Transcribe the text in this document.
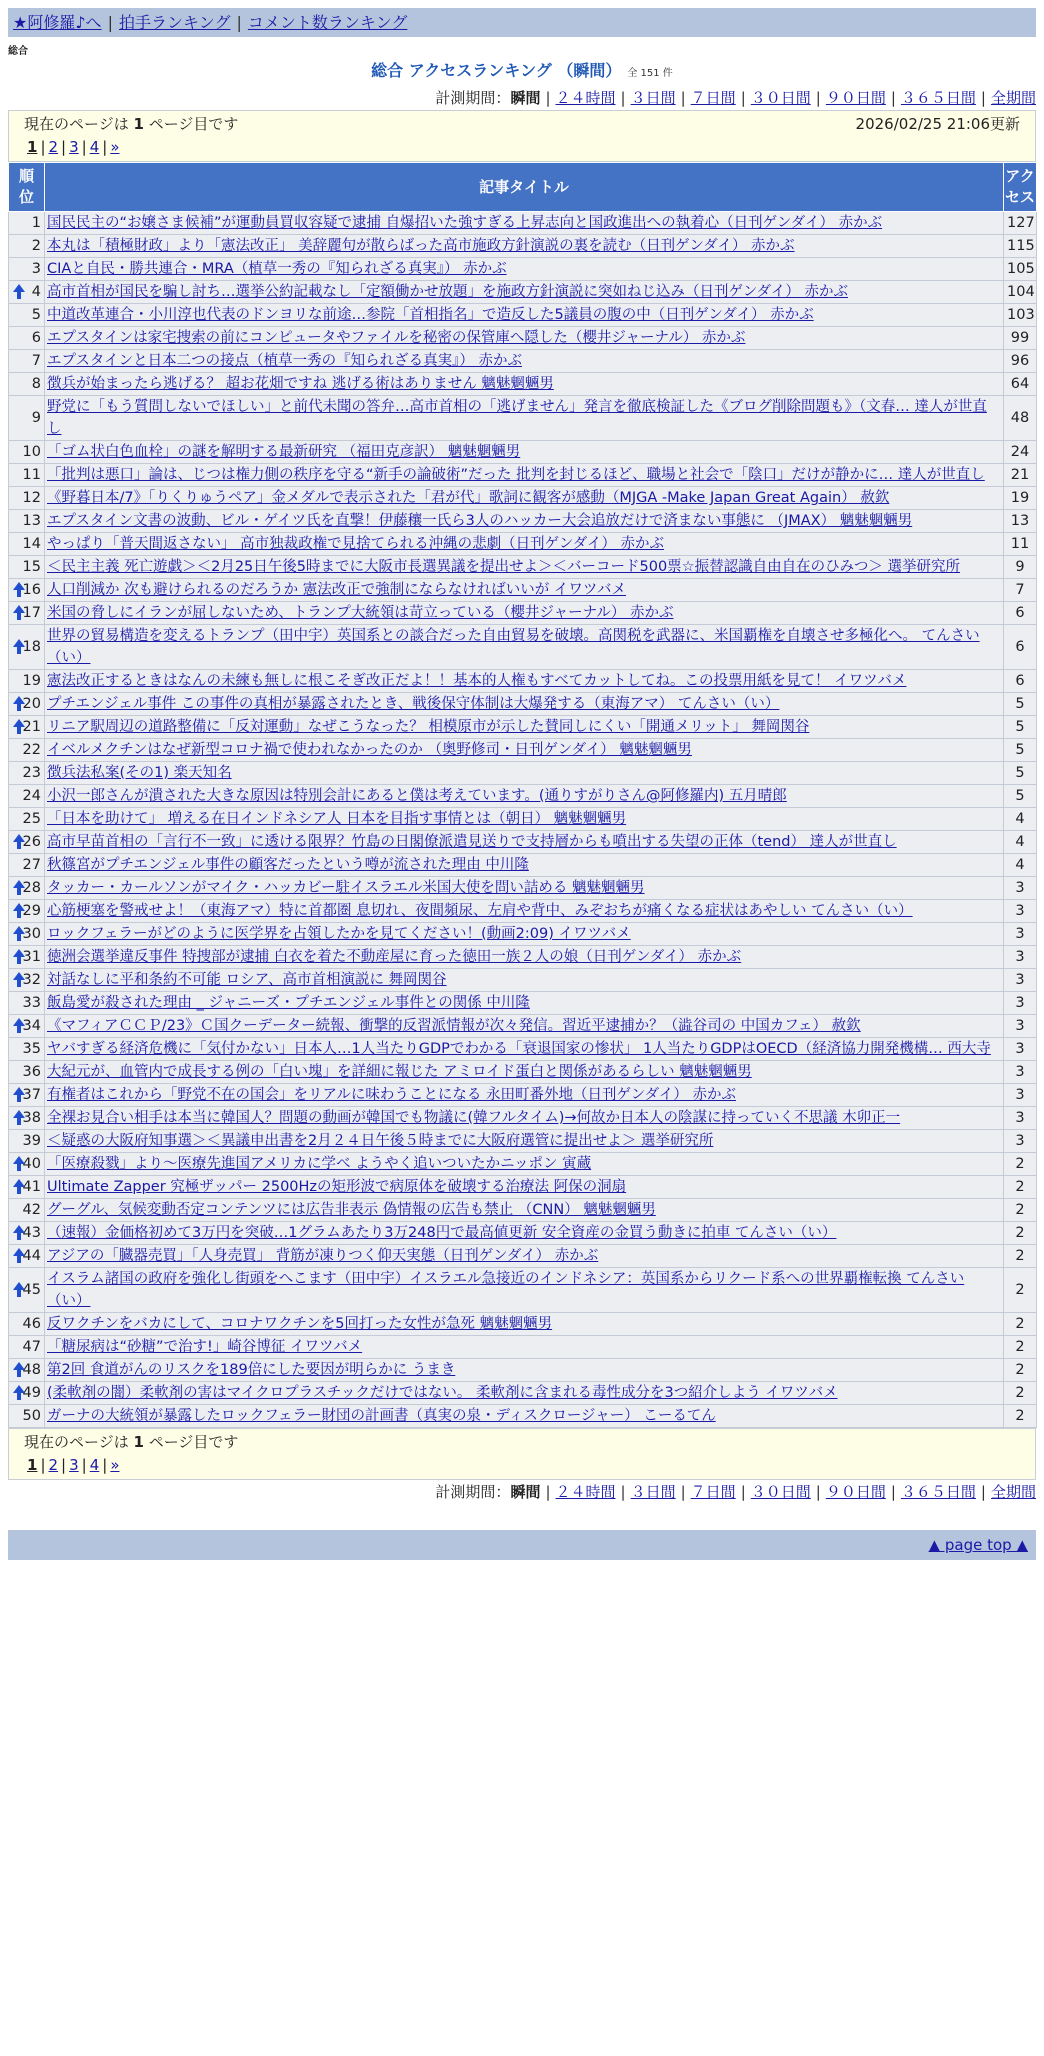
★阿修羅♪へ | 拍手ランキング | コメント数ランキング
総合
総合 アクセスランキング （瞬間） 全 151 件
計測期間：瞬間 | ２４時間 | ３日間 | ７日間 | ３０日間 | ９０日間 | ３６５日間 | 全期間
現在のページは 1 ページ目です	2026/02/25 21:06更新
1 | 2 | 3 | 4 | »
順位	記事タイトル	アクセス
1	国民民主の“お嬢さま候補”が運動員買収容疑で逮捕 自爆招いた強すぎる上昇志向と国政進出への執着心（日刊ゲンダイ） 赤かぶ	127
2	本丸は「積極財政」より「憲法改正」 美辞麗句が散らばった高市施政方針演説の裏を読む（日刊ゲンダイ） 赤かぶ	115
3	CIAと自民・勝共連合・MRA（植草一秀の『知られざる真実』） 赤かぶ	105

4	高市首相が国民を騙し討ち…選挙公約記載なし「定額働かせ放題」を施政方針演説に突如ねじ込み（日刊ゲンダイ） 赤かぶ	104
5	中道改革連合・小川淳也代表のドンヨリな前途…参院「首相指名」で造反した5議員の腹の中（日刊ゲンダイ） 赤かぶ	103
6	エプスタインは家宅捜索の前にコンピュータやファイルを秘密の保管庫へ隠した（櫻井ジャーナル） 赤かぶ	99
7	エプスタインと日本二つの接点（植草一秀の『知られざる真実』） 赤かぶ	96
8	徴兵が始まったら逃げる？ 超お花畑ですね 逃げる術はありません 魑魅魍魎男	64
9	野党に「もう質問しないでほしい」と前代未聞の答弁…高市首相の「逃げません」発言を徹底検証した《ブログ削除問題も》（文春… 達人が世直し	48
10	「ゴム状白色血栓」の謎を解明する最新研究 （福田克彦訳） 魑魅魍魎男	24
11	「批判は悪口」論は、じつは権力側の秩序を守る“新手の論破術”だった 批判を封じるほど、職場と社会で「陰口」だけが静かに… 達人が世直し	21
12	《野暮日本/7》「りくりゅうペア」金メダルで表示された「君が代」歌詞に観客が感動（MJGA -Make Japan Great Again） 赦欽	19
13	エプスタイン文書の波動、ビル・ゲイツ氏を直撃！伊藤穰一氏ら3人のハッカー大会追放だけで済まない事態に （JMAX） 魑魅魍魎男	13
14	やっぱり「普天間返さない」 高市独裁政権で見捨てられる沖縄の悲劇（日刊ゲンダイ） 赤かぶ	11
15	＜民主主義 死亡遊戯＞＜2月25日午後5時までに大阪市長選異議を提出せよ＞＜バーコード500票☆振替認識自由自在のひみつ＞ 選挙研究所	9

16	人口削減か 次も避けられるのだろうか 憲法改正で強制にならなければいいが イワツバメ	7

17	米国の脅しにイランが屈しないため、トランプ大統領は苛立っている（櫻井ジャーナル） 赤かぶ	6

18	世界の貿易構造を変えるトランプ（田中宇）英国系との談合だった自由貿易を破壊。高関税を武器に、米国覇権を自壊させ多極化へ。 てんさい（い）	6
19	憲法改正するときはなんの未練も無しに根こそぎ改正だよ！！基本的人権もすべてカットしてね。この投票用紙を見て！ イワツバメ	6

20	プチエンジェル事件 この事件の真相が暴露されたとき、戦後保守体制は大爆発する（東海アマ） てんさい（い）	5

21	リニア駅周辺の道路整備に「反対運動」なぜこうなった？ 相模原市が示した賛同しにくい「開通メリット」 舞岡関谷	5
22	イベルメクチンはなぜ新型コロナ禍で使われなかったのか （奥野修司・日刊ゲンダイ） 魑魅魍魎男	5
23	徴兵法私案(その1) 楽天知名	5
24	小沢一郎さんが潰された大きな原因は特別会計にあると僕は考えています。(通りすがりさん@阿修羅内) 五月晴郎	5
25	「日本を助けて」 増える在日インドネシア人 日本を目指す事情とは（朝日） 魑魅魍魎男	4

26	高市早苗首相の「言行不一致」に透ける限界？竹島の日閣僚派遣見送りで支持層からも噴出する失望の正体（tend） 達人が世直し	4
27	秋篠宮がプチエンジェル事件の顧客だったという噂が流された理由 中川隆	4

28	タッカー・カールソンがマイク・ハッカビー駐イスラエル米国大使を問い詰める 魑魅魍魎男	3

29	心筋梗塞を警戒せよ！（東海アマ）特に首都圏 息切れ、夜間頻尿、左肩や背中、みぞおちが痛くなる症状はあやしい てんさい（い）	3

30	ロックフェラーがどのように医学界を占領したかを見てください！(動画2:09) イワツバメ	3

31	徳洲会選挙違反事件 特捜部が逮捕 白衣を着た不動産屋に育った徳田一族２人の娘（日刊ゲンダイ） 赤かぶ	3

32	対話なしに平和条約不可能 ロシア、高市首相演説に 舞岡関谷	3
33	飯島愛が殺された理由 _ ジャニーズ・プチエンジェル事件との関係 中川隆	3

34	《マフィアＣＣＰ/23》Ｃ国クーデーター続報、衝撃的反習派情報が次々発信。習近平逮捕か？（澁谷司の 中国カフェ） 赦欽	3
35	ヤバすぎる経済危機に「気付かない」日本人…1人当たりGDPでわかる「衰退国家の惨状」 1人当たりGDPはOECD（経済協力開発機構… 西大寺	3
36	大紀元が、血管内で成長する例の「白い塊」を詳細に報じた アミロイド蛋白と関係があるらしい 魑魅魍魎男	3

37	有権者はこれから「野党不在の国会」をリアルに味わうことになる 永田町番外地（日刊ゲンダイ） 赤かぶ	3

38	全裸お見合い相手は本当に韓国人？問題の動画が韓国でも物議に(韓フルタイム)→何故か日本人の陰謀に持っていく不思議 木卯正一	3
39	＜疑惑の大阪府知事選＞＜異議申出書を2月２４日午後５時までに大阪府選管に提出せよ＞ 選挙研究所	3

40	「医療殺戮」より〜医療先進国アメリカに学べ ようやく追いついたかニッポン 寅蔵	2

41	Ultimate Zapper 究極ザッパー 2500Hzの矩形波で病原体を破壊する治療法 阿保の洞扇	2
42	グーグル、気候変動否定コンテンツには広告非表示 偽情報の広告も禁止 （CNN） 魑魅魍魎男	2

43	（速報）金価格初めて3万円を突破…1グラムあたり3万248円で最高値更新 安全資産の金買う動きに拍車 てんさい（い）	2

44	アジアの「臓器売買」「人身売買」 背筋が凍りつく仰天実態（日刊ゲンダイ） 赤かぶ	2

45	イスラム諸国の政府を強化し街頭をへこます（田中宇）イスラエル急接近のインドネシア：英国系からリクード系への世界覇権転換 てんさい（い）	2
46	反ワクチンをバカにして、コロナワクチンを5回打った女性が急死 魑魅魍魎男	2
47	「糖尿病は“砂糖”で治す!」崎谷博征 イワツバメ	2

48	第2回 食道がんのリスクを189倍にした要因が明らかに うまき	2

49	(柔軟剤の闇）柔軟剤の害はマイクロプラスチックだけではない。 柔軟剤に含まれる毒性成分を3つ紹介しよう イワツバメ	2
50	ガーナの大統領が暴露したロックフェラー財団の計画書（真実の泉・ディスクロージャー） こーるてん	2
現在のページは 1 ページ目です
1 | 2 | 3 | 4 | »
計測期間：瞬間 | ２４時間 | ３日間 | ７日間 | ３０日間 | ９０日間 | ３６５日間 | 全期間
▲ page top ▲
